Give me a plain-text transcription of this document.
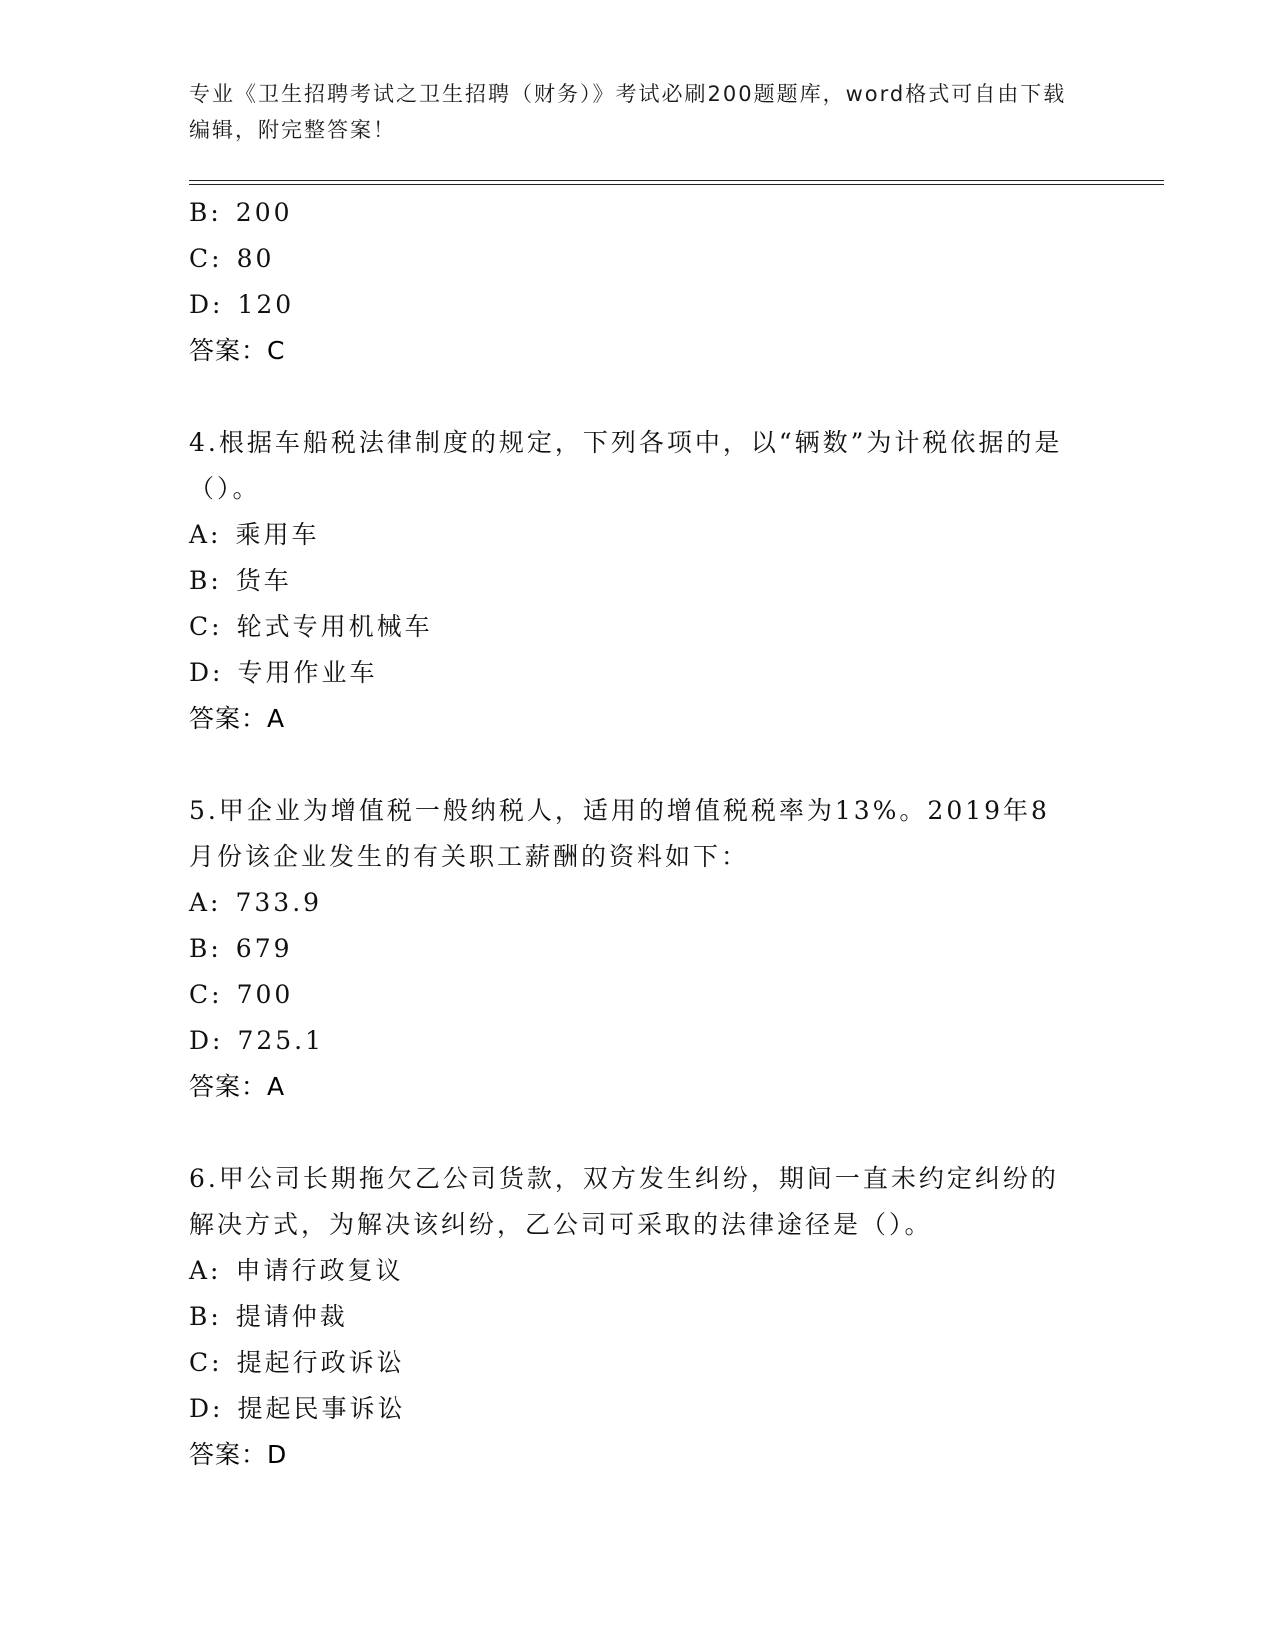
专业《卫生招聘考试之卫生招聘（财务）》考试必刷200题题库，word格式可自由下载编辑，附完整答案！
B: 200
C: 80
D: 120
答案：C
4.根据车船税法律制度的规定，下列各项中，以“辆数”为计税依据的是（）。
A: 乘用车
B: 货车
C: 轮式专用机械车
D: 专用作业车
答案：A
5.甲企业为增值税一般纳税人，适用的增值税税率为13%。2019年8月份该企业发生的有关职工薪酬的资料如下：
A: 733.9
B: 679
C: 700
D: 725.1
答案：A
6.甲公司长期拖欠乙公司货款，双方发生纠纷，期间一直未约定纠纷的解决方式，为解决该纠纷，乙公司可采取的法律途径是（）。
A: 申请行政复议
B: 提请仲裁
C: 提起行政诉讼
D: 提起民事诉讼
答案：D
